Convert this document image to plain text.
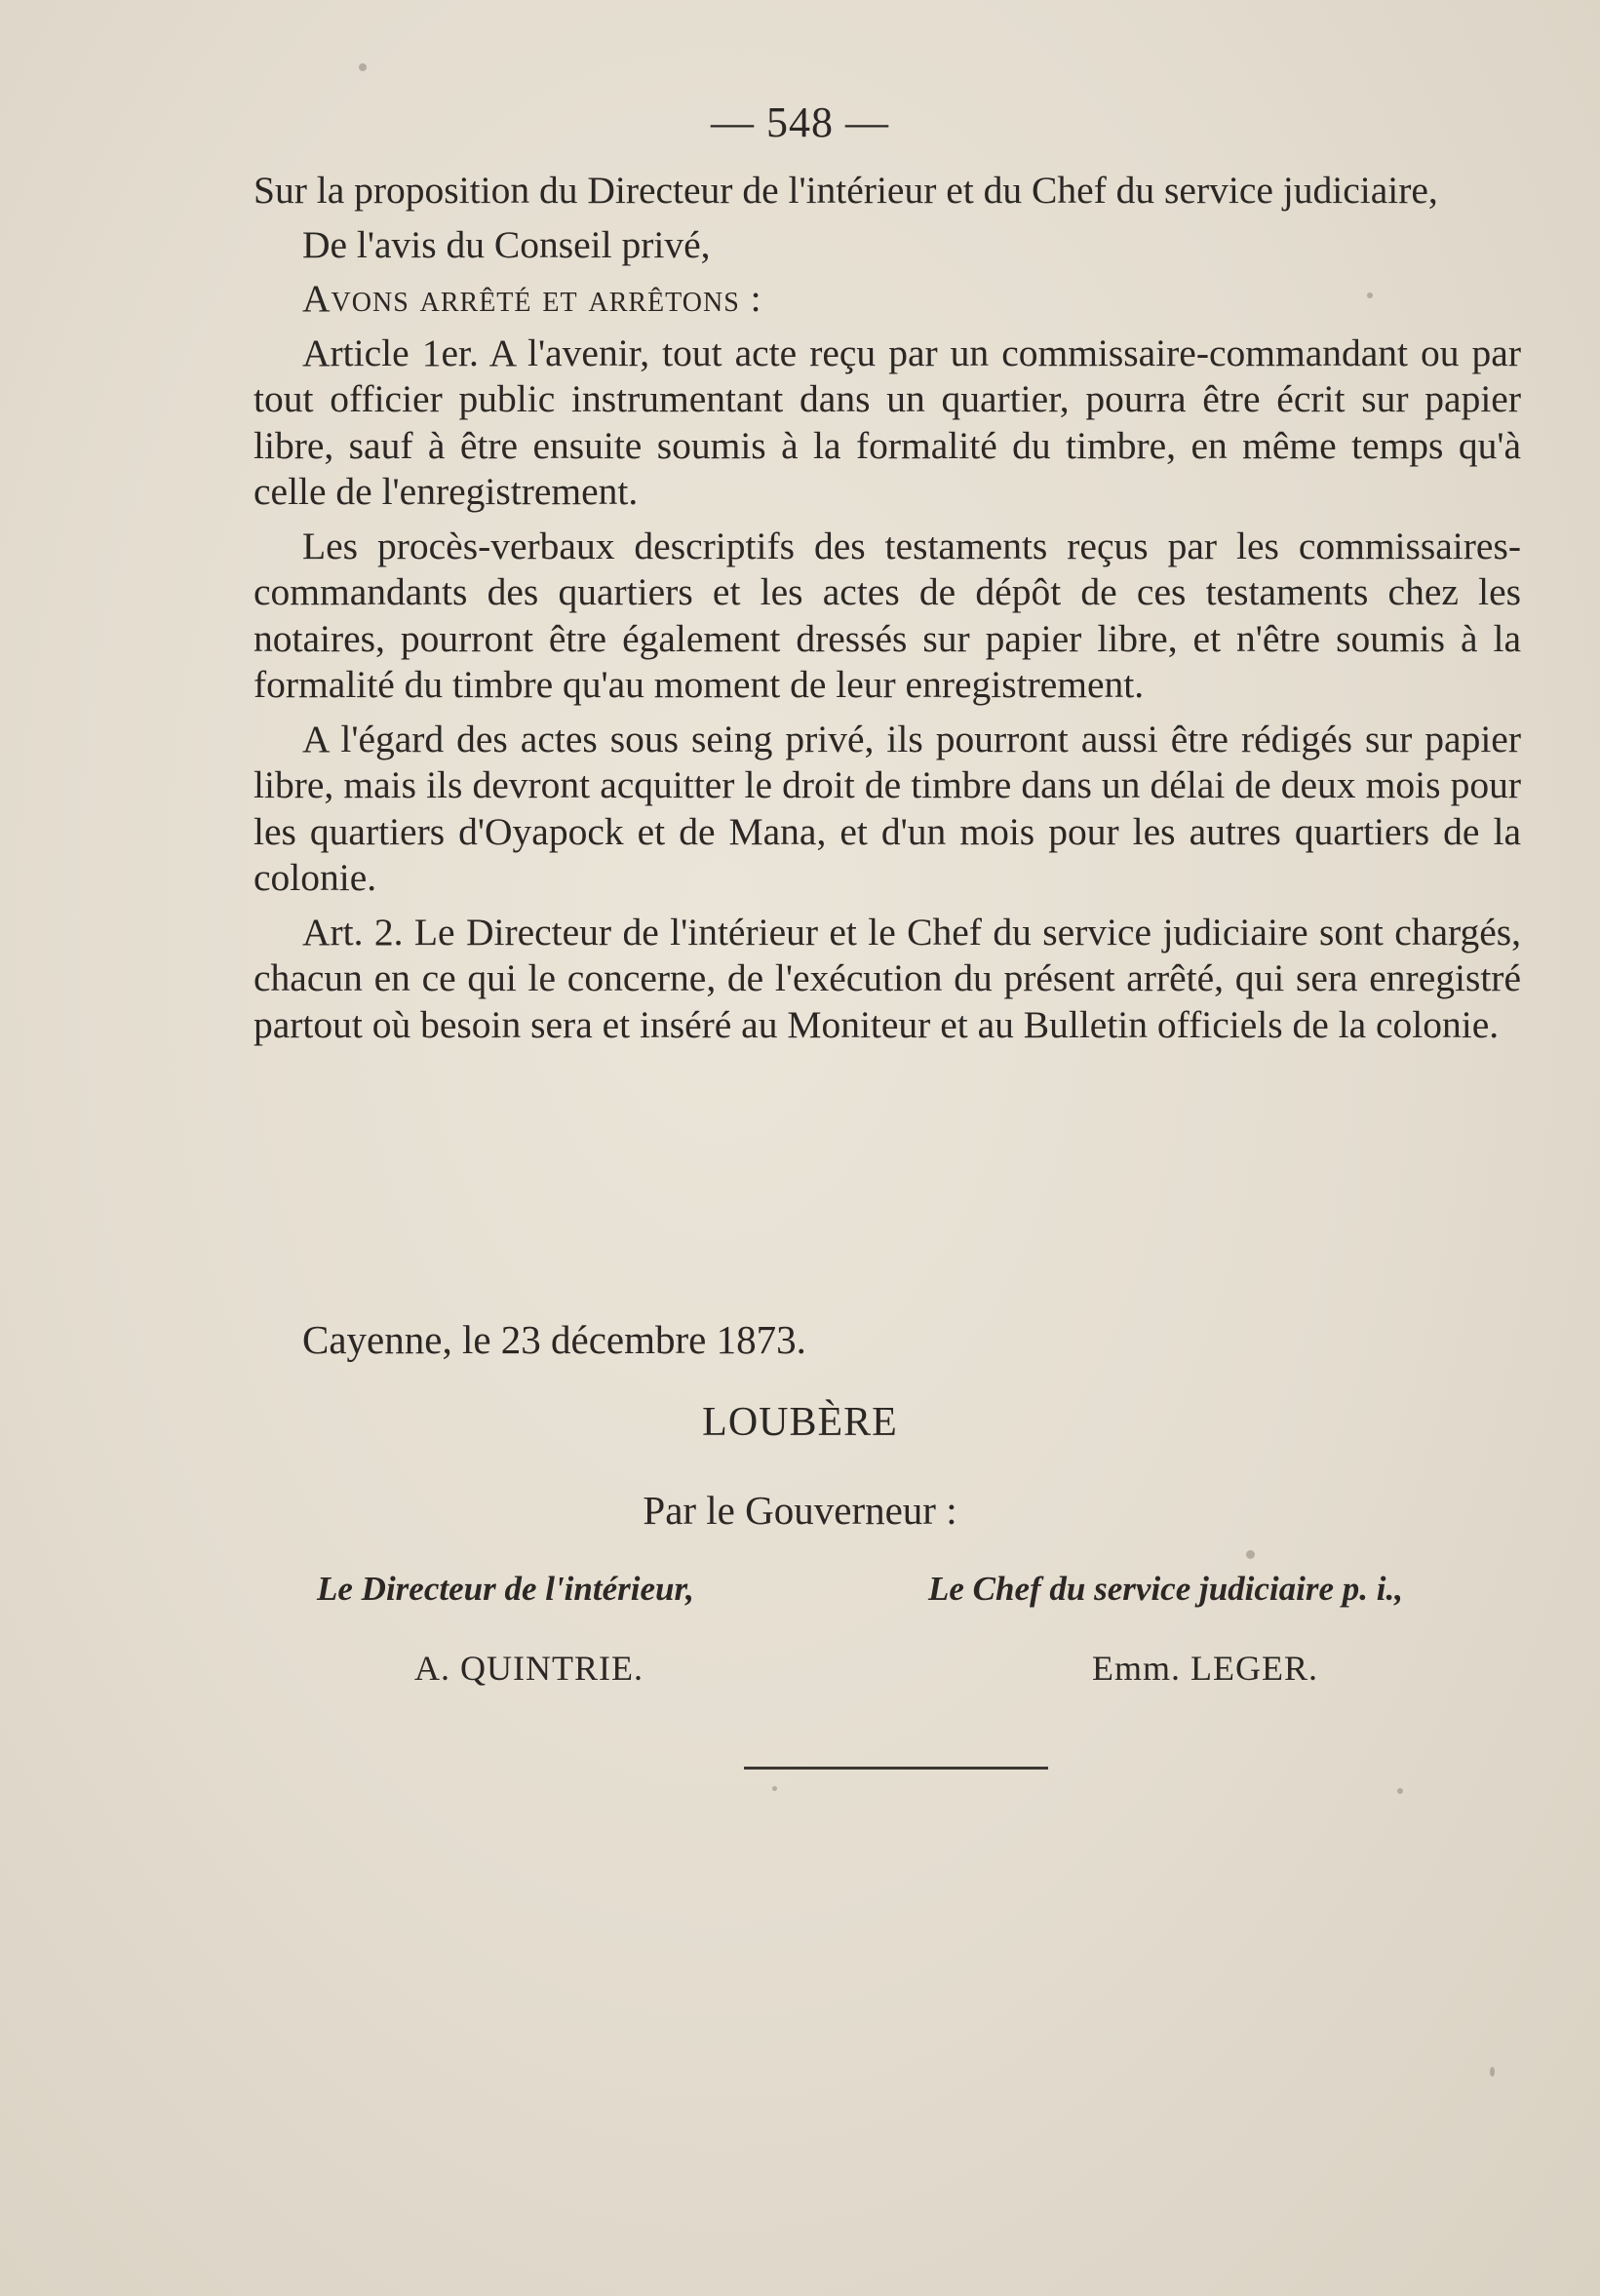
— 548 —

Sur la proposition du Directeur de l'intérieur et du Chef du service judiciaire,

De l'avis du Conseil privé,

Avons arrêté et arrêtons :

Article 1er. A l'avenir, tout acte reçu par un commissaire-commandant ou par tout officier public instrumentant dans un quartier, pourra être écrit sur papier libre, sauf à être ensuite soumis à la formalité du timbre, en même temps qu'à celle de l'enregistrement.

Les procès-verbaux descriptifs des testaments reçus par les commissaires-commandants des quartiers et les actes de dépôt de ces testaments chez les notaires, pourront être également dressés sur papier libre, et n'être soumis à la formalité du timbre qu'au moment de leur enregistrement.

A l'égard des actes sous seing privé, ils pourront aussi être rédigés sur papier libre, mais ils devront acquitter le droit de timbre dans un délai de deux mois pour les quartiers d'Oyapock et de Mana, et d'un mois pour les autres quartiers de la colonie.

Art. 2. Le Directeur de l'intérieur et le Chef du service judiciaire sont chargés, chacun en ce qui le concerne, de l'exécution du présent arrêté, qui sera enregistré partout où besoin sera et inséré au Moniteur et au Bulletin officiels de la colonie.

Cayenne, le 23 décembre 1873.
LOUBÈRE
Par le Gouverneur :
Le Directeur de l'intérieur,	Le Chef du service judiciaire p. i.,
A. QUINTRIE.	Emm. LEGER.
